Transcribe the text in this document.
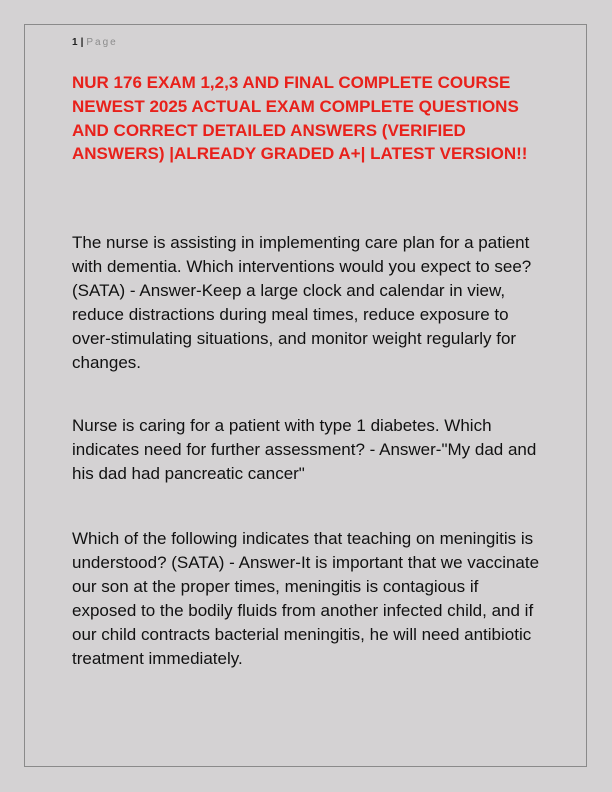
1 | Page

NUR 176 EXAM 1,2,3 AND FINAL COMPLETE COURSE NEWEST 2025 ACTUAL EXAM COMPLETE QUESTIONS AND CORRECT DETAILED ANSWERS (VERIFIED ANSWERS) |ALREADY GRADED A+| LATEST VERSION!!

The nurse is assisting in implementing care plan for a patient with dementia. Which interventions would you expect to see? (SATA) - Answer-Keep a large clock and calendar in view, reduce distractions during meal times, reduce exposure to over-stimulating situations, and monitor weight regularly for changes.

Nurse is caring for a patient with type 1 diabetes. Which indicates need for further assessment? - Answer-"My dad and his dad had pancreatic cancer"

Which of the following indicates that teaching on meningitis is understood? (SATA) - Answer-It is important that we vaccinate our son at the proper times, meningitis is contagious if exposed to the bodily fluids from another infected child, and if our child contracts bacterial meningitis, he will need antibiotic treatment immediately.
